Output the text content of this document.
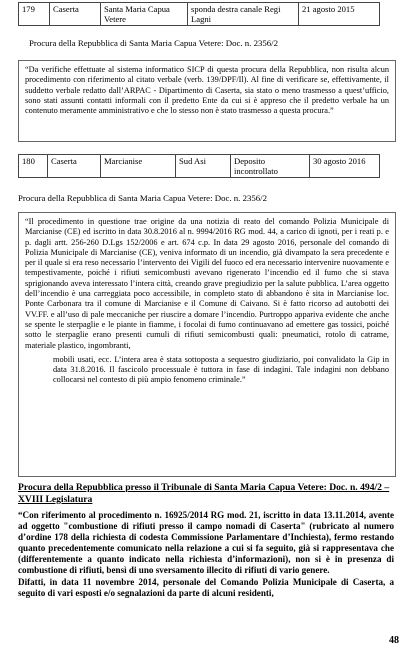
179	Caserta	Santa Maria Capua Vetere	sponda destra canale Regi Lagni	21 agosto 2015
Procura della Repubblica di Santa Maria Capua Vetere: Doc. n. 2356/2

“Da verifiche effettuate al sistema informatico SICP di questa procura della Repubblica, non risulta alcun procedimento con riferimento al citato verbale (verb. 139/DPF/Il). Al fine di verificare se, effettivamente, il suddetto verbale redatto dall’ARPAC - Dipartimento di Caserta, sia stato o meno trasmesso a quest’ufficio, sono stati assunti contatti informali con il predetto Ente da cui si è appreso che il predetto verbale ha un contenuto meramente amministrativo e che lo stesso non è stato trasmesso a questa procura.”

180	Caserta	Marcianise	Sud Asi	Deposito incontrollato	30 agosto 2016
Procura della Repubblica di Santa Maria Capua Vetere: Doc. n. 2356/2

“Il procedimento in questione trae origine da una notizia di reato del comando Polizia Municipale di Marcianise (CE) ed iscritto in data 30.8.2016 al n. 9994/2016 RG mod. 44, a carico di ignoti, per i reati p. e p. dagli artt. 256-260 D.Lgs 152/2006 e art. 674 c.p. In data 29 agosto 2016, personale del comando di Polizia Municipale di Marcianise (CE), veniva informato di un incendio, già divampato la sera precedente e per il quale si era reso necessario l’intervento dei Vigili del fuoco ed era necessario intervenire nuovamente e tempestivamente, poiché i rifiuti semicombusti avevano rigenerato l’incendio ed il fumo che si stava sprigionando aveva interessato l’intera città, creando grave pregiudizio per la salute pubblica. L’area oggetto dell’incendio è una carreggiata poco accessibile, in completo stato di abbandono è sita in Marcianise loc. Ponte Carbonara tra il comune di Marcianise e il Comune di Caivano. Si è fatto ricorso ad autobotti dei VV.FF. e all’uso di pale meccaniche per riuscire a domare l’incendio. Purtroppo appariva evidente che anche se spente le sterpaglie e le piante in fiamme, i focolai di fumo continuavano ad emettere gas tossici, poiché sotto le sterpaglie erano presenti cumuli di rifiuti semicombusti quali: pneumatici, rotolo di catrame, materiale plastico, ingombranti,

mobili usati, ecc. L’intera area è stata sottoposta a sequestro giudiziario, poi convalidato la Gip in data 31.8.2016. Il fascicolo processuale è tuttora in fase di indagini. Tale indagini non debbano collocarsi nel contesto di più ampio fenomeno criminale.”

Procura della Repubblica presso il Tribunale di Santa Maria Capua Vetere: Doc. n. 494/2 – XVIII Legislatura

“Con riferimento al procedimento n. 16925/2014 RG mod. 21, iscritto in data 13.11.2014, avente ad oggetto "combustione di rifiuti presso il campo nomadi di Caserta" (rubricato al numero d’ordine 178 della richiesta di codesta Commissione Parlamentare d’Inchiesta), fermo restando quanto precedentemente comunicato nella relazione a cui si fa seguito, già si rappresentava che (differentemente a quanto indicato nella richiesta d’informazioni), non si è in presenza di combustione di rifiuti, bensì di uno sversamento illecito di rifiuti di vario genere.

Difatti, in data 11 novembre 2014, personale del Comando Polizia Municipale di Caserta, a seguito di vari esposti e/o segnalazioni da parte di alcuni residenti,

48
